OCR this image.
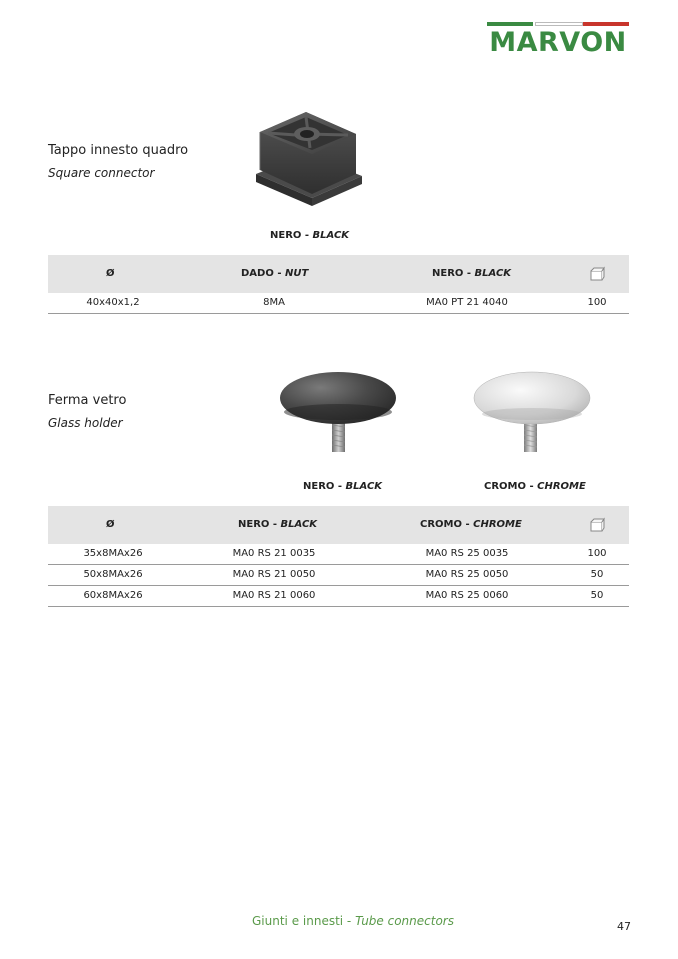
MARVON
Tappo innesto quadro
Square connector
NERO - BLACK
Ø	DADO - NUT	NERO - BLACK
40x40x1,2	8MA	MA0 PT 21 4040	100
Ferma vetro
Glass holder
NERO - BLACK	CROMO - CHROME
Ø	NERO - BLACK	CROMO - CHROME
35x8MAx26	MA0 RS 21 0035	MA0 RS 25 0035	100
50x8MAx26	MA0 RS 21 0050	MA0 RS 25 0050	50
60x8MAx26	MA0 RS 21 0060	MA0 RS 25 0060	50
Giunti e innesti - Tube connectors	47
